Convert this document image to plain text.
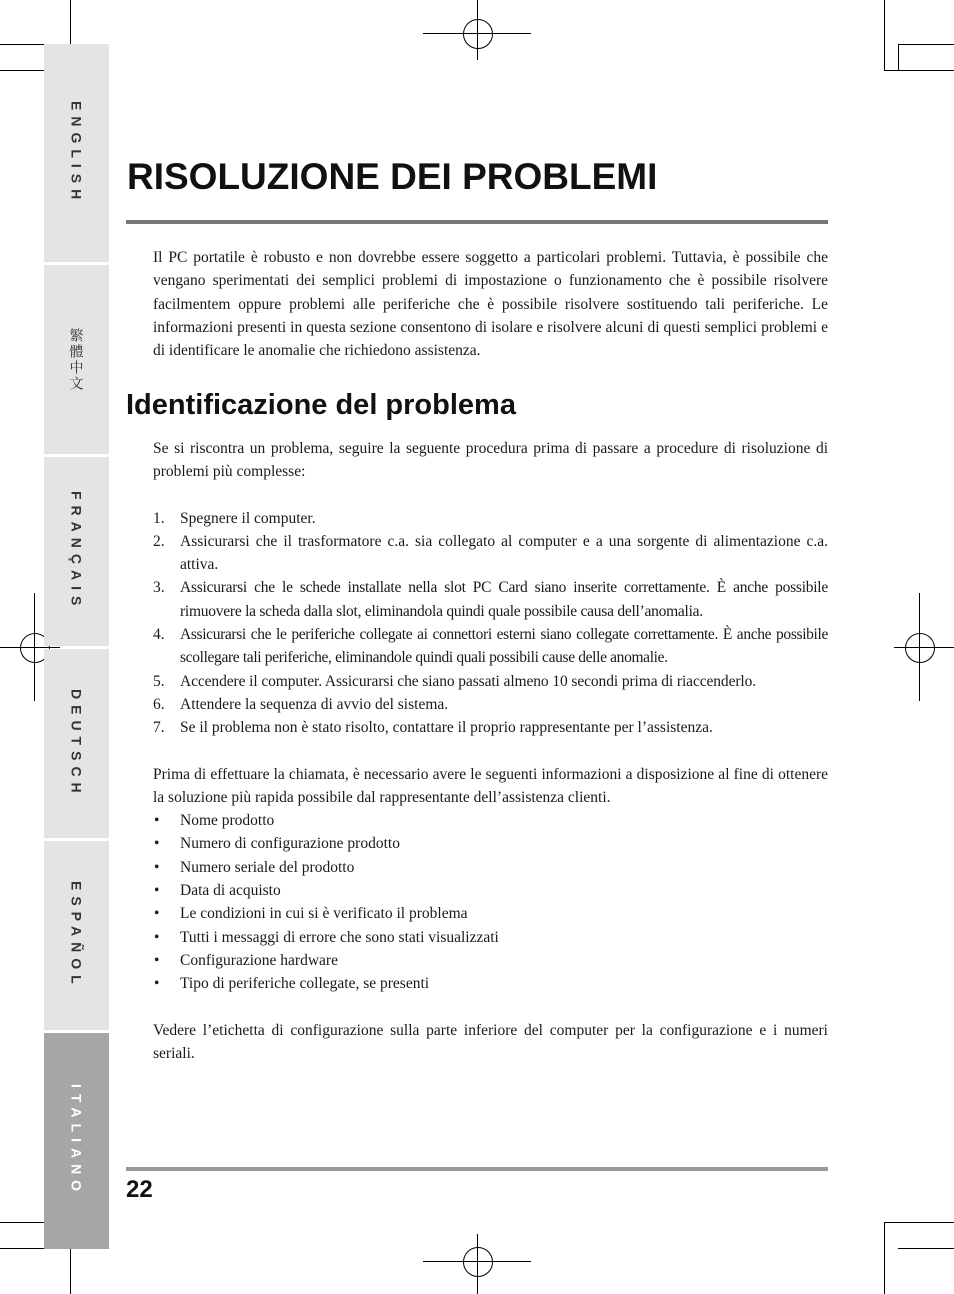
ENGLISH
繁體中文
FRANÇAIS
DEUTSCH
ESPAÑOL
ITALIANO
RISOLUZIONE DEI PROBLEMI

Il PC portatile è robusto e non dovrebbe essere soggetto a particolari problemi. Tuttavia, è possibile che vengano sperimentati dei semplici problemi di impostazione o funzionamento che è possibile risolvere facilmentem oppure problemi alle periferiche che è possibile risolvere sostituendo tali periferiche. Le informazioni presenti in questa sezione consentono di isolare e risolvere alcuni di questi semplici problemi e di identificare le anomalie che richiedono assistenza.

Identificazione del problema

Se si riscontra un problema, seguire la seguente procedura prima di passare a procedure di risoluzione di problemi più complesse:

1. Spegnere il computer.
2. Assicurarsi che il trasformatore c.a. sia collegato al computer e a una sorgente di alimentazione c.a. attiva.
3. Assicurarsi che le schede installate nella slot PC Card siano inserite correttamente. È anche possibile rimuovere la scheda dalla slot, eliminandola quindi quale possibile causa dell’anomalia.
4. Assicurarsi che le periferiche collegate ai connettori esterni siano collegate correttamente. È anche possibile scollegare tali periferiche, eliminandole quindi quali possibili cause delle anomalie.
5. Accendere il computer. Assicurarsi che siano passati almeno 10 secondi prima di riaccenderlo.
6. Attendere la sequenza di avvio del sistema.
7. Se il problema non è stato risolto, contattare il proprio rappresentante per l’assistenza.

Prima di effettuare la chiamata, è necessario avere le seguenti informazioni a disposizione al fine di ottenere la soluzione più rapida possibile dal rappresentante dell’assistenza clienti.

• Nome prodotto
• Numero di configurazione prodotto
• Numero seriale del prodotto
• Data di acquisto
• Le condizioni in cui si è verificato il problema
• Tutti i messaggi di errore che sono stati visualizzati
• Configurazione hardware
• Tipo di periferiche collegate, se presenti

Vedere l’etichetta di configurazione sulla parte inferiore del computer per la configurazione e i numeri seriali.

22
